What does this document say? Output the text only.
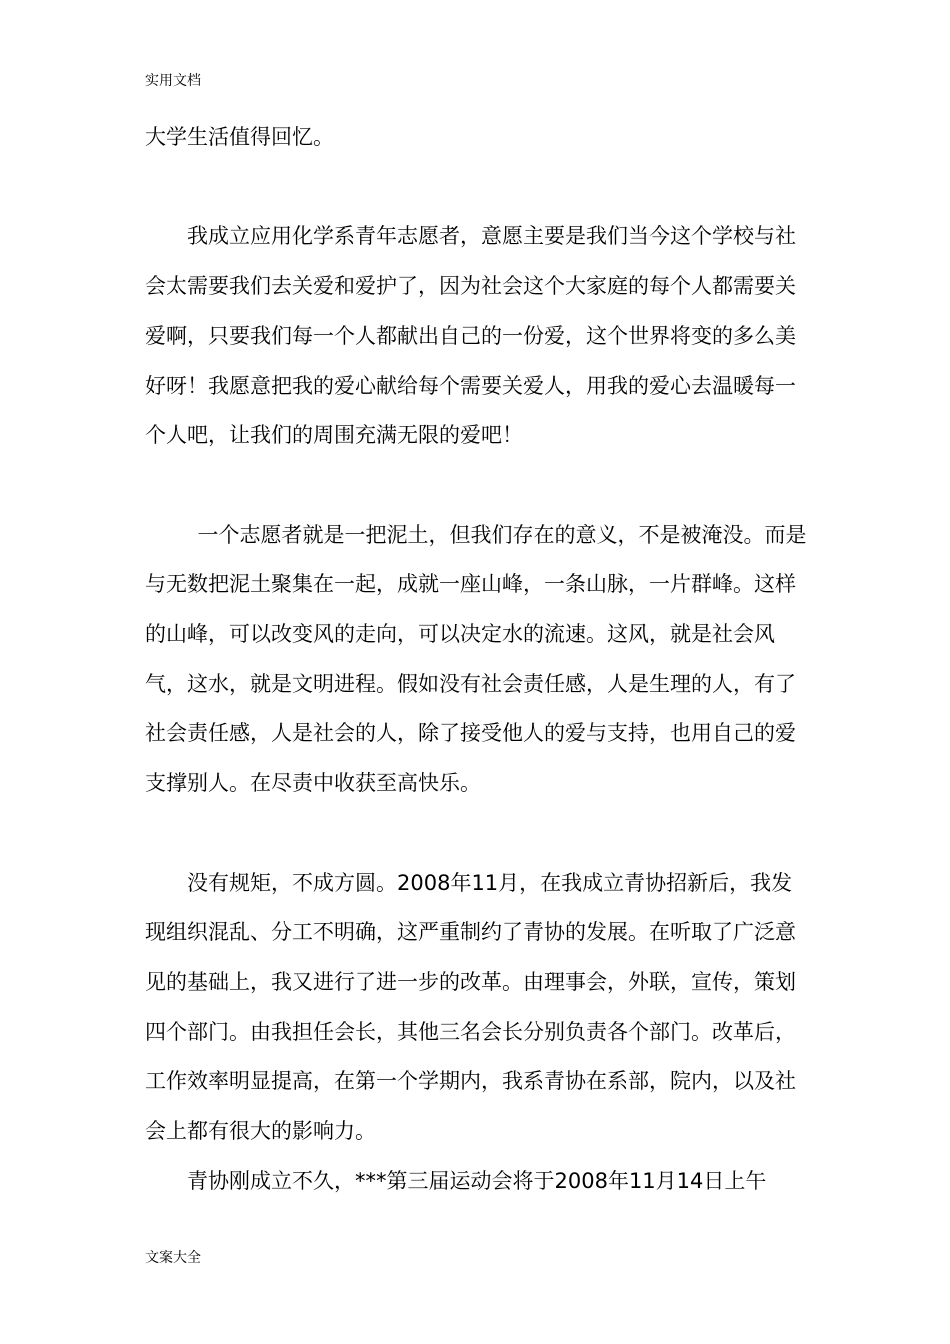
实用文档

大学生活值得回忆。

我成立应用化学系青年志愿者，意愿主要是我们当今这个学校与社会太需要我们去关爱和爱护了，因为社会这个大家庭的每个人都需要关爱啊，只要我们每一个人都献出自己的一份爱，这个世界将变的多么美好呀！我愿意把我的爱心献给每个需要关爱人，用我的爱心去温暖每一个人吧，让我们的周围充满无限的爱吧！

一个志愿者就是一把泥土，但我们存在的意义，不是被淹没。而是与无数把泥土聚集在一起，成就一座山峰，一条山脉，一片群峰。这样的山峰，可以改变风的走向，可以决定水的流速。这风，就是社会风气，这水，就是文明进程。假如没有社会责任感，人是生理的人，有了社会责任感，人是社会的人，除了接受他人的爱与支持，也用自己的爱支撑别人。在尽责中收获至高快乐。

没有规矩，不成方圆。2008年11月，在我成立青协招新后，我发现组织混乱、分工不明确，这严重制约了青协的发展。在听取了广泛意见的基础上，我又进行了进一步的改革。由理事会，外联，宣传，策划四个部门。由我担任会长，其他三名会长分别负责各个部门。改革后，工作效率明显提高，在第一个学期内，我系青协在系部，院内，以及社会上都有很大的影响力。

青协刚成立不久，***第三届运动会将于2008年11月14日上午

文案大全
